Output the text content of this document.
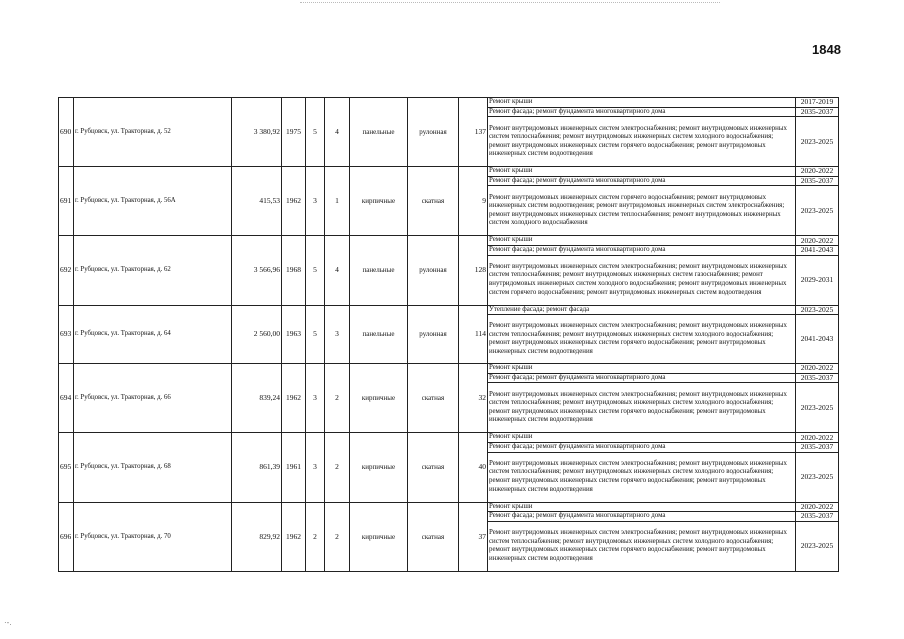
1848
690	г. Рубцовск, ул. Тракторная, д. 52	3 380,92	1975	5	4	панельные	рулонная	137	Ремонт крыши	2017-2019
									Ремонт фасада; ремонт фундамента многоквартирного дома	2035-2037
									Ремонт внутридомовых инженерных систем электроснабжения; ремонт внутридомовых инженерных систем теплоснабжения; ремонт внутридомовых инженерных систем холодного водоснабжения; ремонт внутридомовых инженерных систем горячего водоснабжения; ремонт внутридомовых инженерных систем водоотведения	2023-2025
691	г. Рубцовск, ул. Тракторная, д. 56А	415,53	1962	3	1	кирпичные	скатная	9	Ремонт крыши	2020-2022
									Ремонт фасада; ремонт фундамента многоквартирного дома	2035-2037
									Ремонт внутридомовых инженерных систем горячего водоснабжения; ремонт внутридомовых инженерных систем водоотведения; ремонт внутридомовых инженерных систем электроснабжения; ремонт внутридомовых инженерных систем теплоснабжения; ремонт внутридомовых инженерных систем холодного водоснабжения	2023-2025
692	г. Рубцовск, ул. Тракторная, д. 62	3 566,96	1968	5	4	панельные	рулонная	128	Ремонт крыши	2020-2022
									Ремонт фасада; ремонт фундамента многоквартирного дома	2041-2043
									Ремонт внутридомовых инженерных систем электроснабжения; ремонт внутридомовых инженерных систем теплоснабжения; ремонт внутридомовых инженерных систем газоснабжения; ремонт внутридомовых инженерных систем холодного водоснабжения; ремонт внутридомовых инженерных систем горячего водоснабжения; ремонт внутридомовых инженерных систем водоотведения	2029-2031
693	г. Рубцовск, ул. Тракторная, д. 64	2 560,00	1963	5	3	панельные	рулонная	114	Утепление фасада; ремонт фасада	2023-2025
									Ремонт внутридомовых инженерных систем электроснабжения; ремонт внутридомовых инженерных систем теплоснабжения; ремонт внутридомовых инженерных систем холодного водоснабжения; ремонт внутридомовых инженерных систем горячего водоснабжения; ремонт внутридомовых инженерных систем водоотведения	2041-2043
694	г. Рубцовск, ул. Тракторная, д. 66	839,24	1962	3	2	кирпичные	скатная	32	Ремонт крыши	2020-2022
									Ремонт фасада; ремонт фундамента многоквартирного дома	2035-2037
									Ремонт внутридомовых инженерных систем электроснабжения; ремонт внутридомовых инженерных систем теплоснабжения; ремонт внутридомовых инженерных систем холодного водоснабжения; ремонт внутридомовых инженерных систем горячего водоснабжения; ремонт внутридомовых инженерных систем водоотведения	2023-2025
695	г. Рубцовск, ул. Тракторная, д. 68	861,39	1961	3	2	кирпичные	скатная	40	Ремонт крыши	2020-2022
									Ремонт фасада; ремонт фундамента многоквартирного дома	2035-2037
									Ремонт внутридомовых инженерных систем электроснабжения; ремонт внутридомовых инженерных систем теплоснабжения; ремонт внутридомовых инженерных систем холодного водоснабжения; ремонт внутридомовых инженерных систем горячего водоснабжения; ремонт внутридомовых инженерных систем водоотведения	2023-2025
696	г. Рубцовск, ул. Тракторная, д. 70	829,92	1962	2	2	кирпичные	скатная	37	Ремонт крыши	2020-2022
									Ремонт фасада; ремонт фундамента многоквартирного дома	2035-2037
									Ремонт внутридомовых инженерных систем электроснабжения; ремонт внутридомовых инженерных систем теплоснабжения; ремонт внутридомовых инженерных систем холодного водоснабжения; ремонт внутридомовых инженерных систем горячего водоснабжения; ремонт внутридомовых инженерных систем водоотведения	2023-2025
·-.
